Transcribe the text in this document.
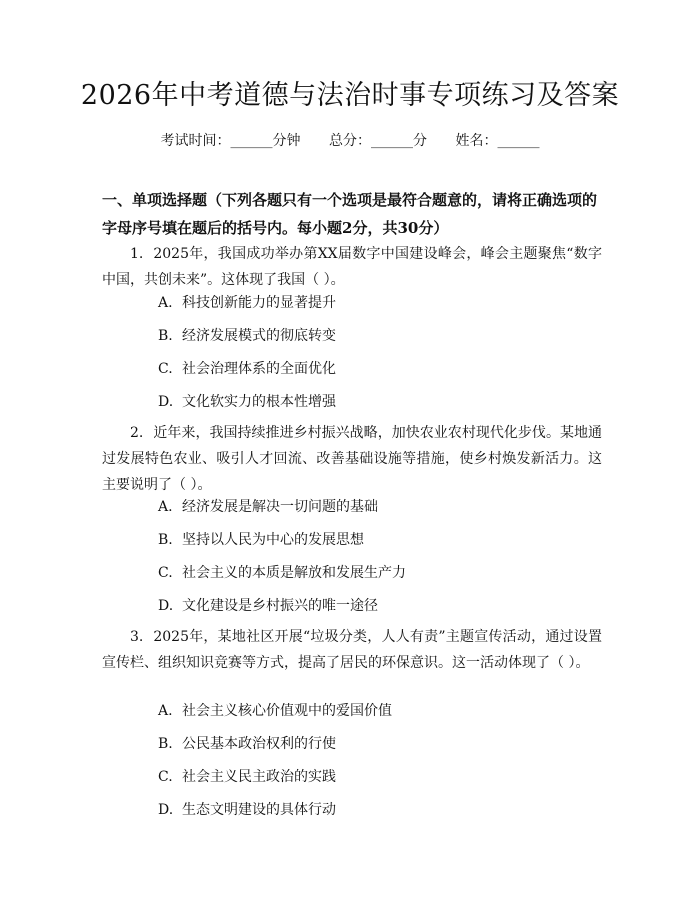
2026年中考道德与法治时事专项练习及答案
考试时间：______分钟 总分：______分 姓名：______
一、单项选择题（下列各题只有一个选项是最符合题意的，请将正确选项的字母序号填在题后的括号内。每小题2分，共30分）
1. 2025年，我国成功举办第XX届数字中国建设峰会，峰会主题聚焦“数字中国，共创未来”。这体现了我国（ ）。
A. 科技创新能力的显著提升
B. 经济发展模式的彻底转变
C. 社会治理体系的全面优化
D. 文化软实力的根本性增强
2. 近年来，我国持续推进乡村振兴战略，加快农业农村现代化步伐。某地通过发展特色农业、吸引人才回流、改善基础设施等措施，使乡村焕发新活力。这主要说明了（ ）。
A. 经济发展是解决一切问题的基础
B. 坚持以人民为中心的发展思想
C. 社会主义的本质是解放和发展生产力
D. 文化建设是乡村振兴的唯一途径
3. 2025年，某地社区开展“垃圾分类，人人有责”主题宣传活动，通过设置宣传栏、组织知识竞赛等方式，提高了居民的环保意识。这一活动体现了（ ）。
A. 社会主义核心价值观中的爱国价值
B. 公民基本政治权利的行使
C. 社会主义民主政治的实践
D. 生态文明建设的具体行动
